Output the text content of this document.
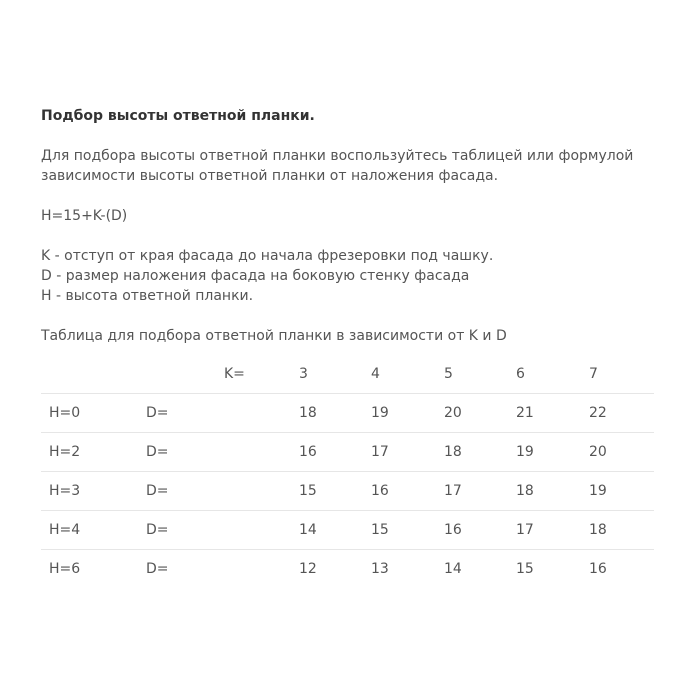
Подбор высоты ответной планки.

Для подбора высоты ответной планки воспользуйтесь таблицей или формулой
зависимости высоты ответной планки от наложения фасада.

H=15+K-(D)

K - отступ от края фасада до начала фрезеровки под чашку.
D - размер наложения фасада на боковую стенку фасада
H - высота ответной планки.

Таблица для подбора ответной планки в зависимости от K и D

		K=	3	4	5	6	7
H=0	D=		18	19	20	21	22
H=2	D=		16	17	18	19	20
H=3	D=		15	16	17	18	19
H=4	D=		14	15	16	17	18
H=6	D=		12	13	14	15	16
